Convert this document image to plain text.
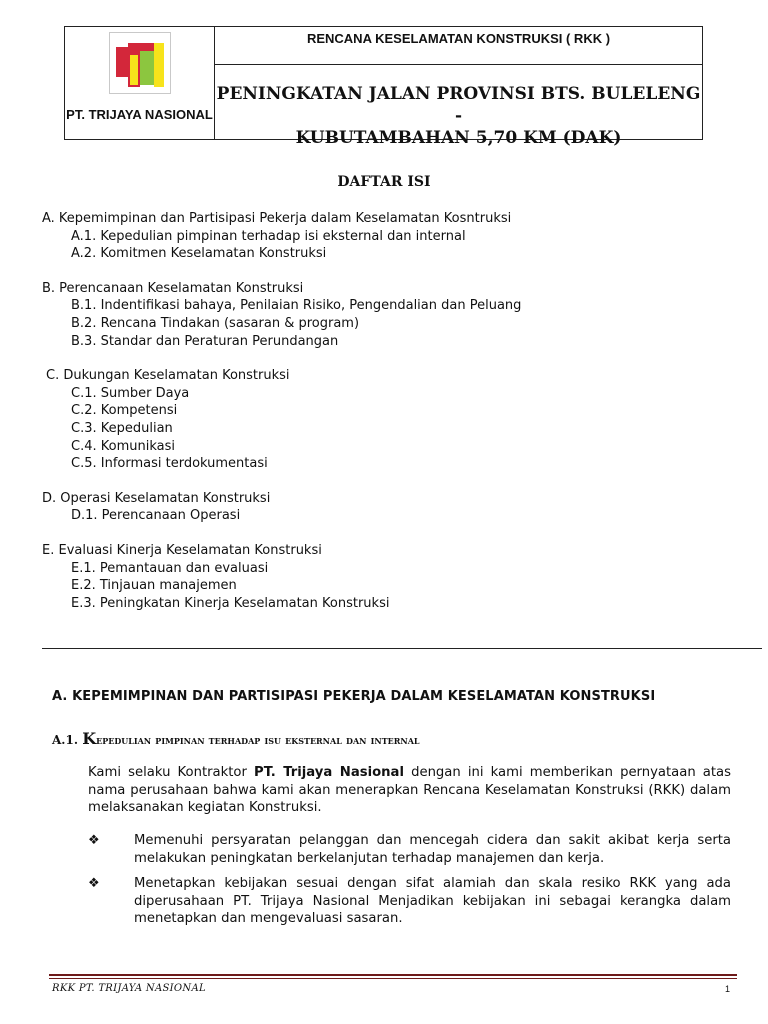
PT. TRIJAYA NASIONAL
RENCANA KESELAMATAN KONSTRUKSI ( RKK )
PENINGKATAN JALAN PROVINSI BTS. BULELENG -
KUBUTAMBAHAN 5,70 KM (DAK)
DAFTAR ISI
A. Kepemimpinan dan Partisipasi Pekerja dalam Keselamatan Kosntruksi
A.1. Kepedulian pimpinan terhadap isi eksternal dan internal
A.2. Komitmen Keselamatan Konstruksi
B. Perencanaan Keselamatan Konstruksi
B.1. Indentifikasi bahaya, Penilaian Risiko, Pengendalian dan Peluang
B.2. Rencana Tindakan (sasaran & program)
B.3. Standar dan Peraturan Perundangan
C. Dukungan Keselamatan Konstruksi
C.1. Sumber Daya
C.2. Kompetensi
C.3. Kepedulian
C.4. Komunikasi
C.5. Informasi terdokumentasi
D. Operasi Keselamatan Konstruksi
D.1. Perencanaan Operasi
E. Evaluasi Kinerja Keselamatan Konstruksi
E.1. Pemantauan dan evaluasi
E.2. Tinjauan manajemen
E.3. Peningkatan Kinerja Keselamatan Konstruksi
A. KEPEMIMPINAN DAN PARTISIPASI PEKERJA DALAM KESELAMATAN KONSTRUKSI
A.1. Kepedulian pimpinan terhadap isu eksternal dan internal
Kami selaku Kontraktor PT. Trijaya Nasional dengan ini kami memberikan pernyataan atas nama perusahaan bahwa kami akan menerapkan Rencana Keselamatan Konstruksi (RKK) dalam melaksanakan kegiatan Konstruksi.
❖	Memenuhi persyaratan pelanggan dan mencegah cidera dan sakit akibat kerja serta melakukan peningkatan berkelanjutan terhadap manajemen dan kerja.
❖	Menetapkan kebijakan sesuai dengan sifat alamiah dan skala resiko RKK yang ada diperusahaan PT. Trijaya Nasional Menjadikan kebijakan ini sebagai kerangka dalam menetapkan dan mengevaluasi sasaran.
RKK PT. TRIJAYA NASIONAL	1
